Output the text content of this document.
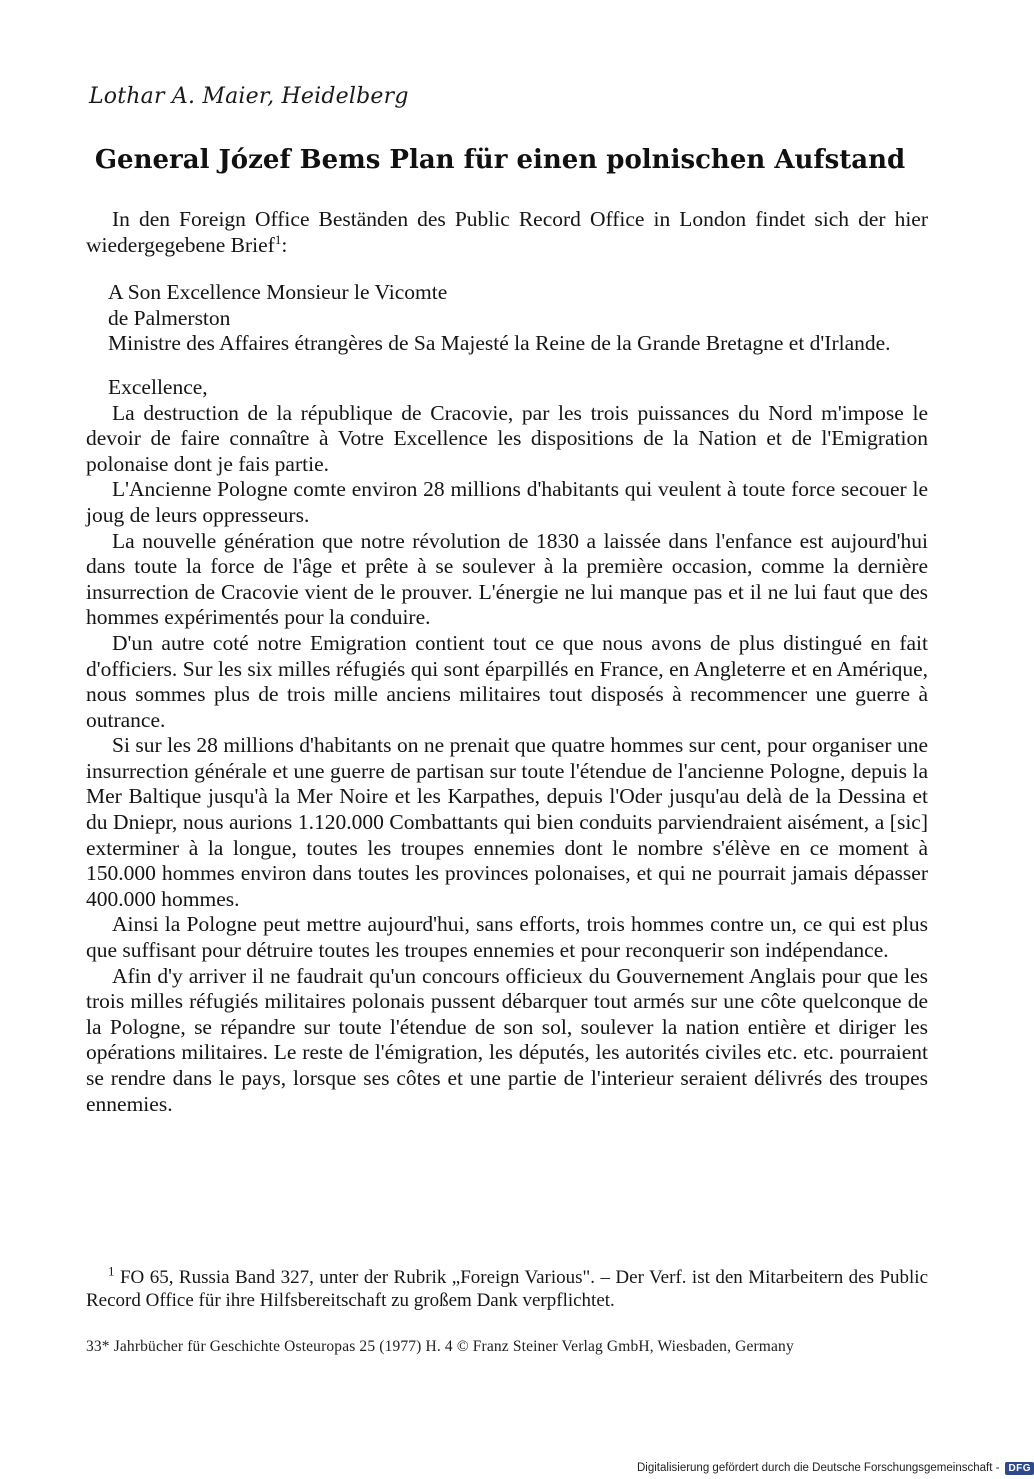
Lothar A. Maier, Heidelberg
General Józef Bems Plan für einen polnischen Aufstand

In den Foreign Office Beständen des Public Record Office in London findet sich der hier wiedergegebene Brief$^1$:

A Son Excellence Monsieur le Vicomte
de Palmerston
Ministre des Affaires étrangères de Sa Majesté la Reine de la Grande Bretagne et d'Irlande.

Excellence,

La destruction de la république de Cracovie, par les trois puissances du Nord m'impose le devoir de faire connaître à Votre Excellence les dispositions de la Nation et de l'Emigration polonaise dont je fais partie.

L'Ancienne Pologne comte environ 28 millions d'habitants qui veulent à toute force secouer le joug de leurs oppresseurs.

La nouvelle génération que notre révolution de 1830 a laissée dans l'enfance est aujourd'hui dans toute la force de l'âge et prête à se soulever à la première occasion, comme la dernière insurrection de Cracovie vient de le prouver. L'énergie ne lui manque pas et il ne lui faut que des hommes expérimentés pour la conduire.

D'un autre coté notre Emigration contient tout ce que nous avons de plus distingué en fait d'officiers. Sur les six milles réfugiés qui sont éparpillés en France, en Angleterre et en Amérique, nous sommes plus de trois mille anciens militaires tout disposés à recommencer une guerre à outrance.

Si sur les 28 millions d'habitants on ne prenait que quatre hommes sur cent, pour organiser une insurrection générale et une guerre de partisan sur toute l'étendue de l'ancienne Pologne, depuis la Mer Baltique jusqu'à la Mer Noire et les Karpathes, depuis l'Oder jusqu'au delà de la Dessina et du Dniepr, nous aurions 1.120.000 Combattants qui bien conduits parviendraient aisément, a [sic] exterminer à la longue, toutes les troupes ennemies dont le nombre s'élève en ce moment à 150.000 hommes environ dans toutes les provinces polonaises, et qui ne pourrait jamais dépasser 400.000 hommes.

Ainsi la Pologne peut mettre aujourd'hui, sans efforts, trois hommes contre un, ce qui est plus que suffisant pour détruire toutes les troupes ennemies et pour reconquerir son indépendance.

Afin d'y arriver il ne faudrait qu'un concours officieux du Gouvernement Anglais pour que les trois milles réfugiés militaires polonais pussent débarquer tout armés sur une côte quelconque de la Pologne, se répandre sur toute l'étendue de son sol, soulever la nation entière et diriger les opérations militaires. Le reste de l'émigration, les députés, les autorités civiles etc. etc. pourraient se rendre dans le pays, lorsque ses côtes et une partie de l'interieur seraient délivrés des troupes ennemies.

$^1$ FO 65, Russia Band 327, unter der Rubrik „Foreign Various". – Der Verf. ist den Mitarbeitern des Public Record Office für ihre Hilfsbereitschaft zu großem Dank verpflichtet.
33* Jahrbücher für Geschichte Osteuropas 25 (1977) H. 4 © Franz Steiner Verlag GmbH, Wiesbaden, Germany
Digitalisierung gefördert durch die Deutsche Forschungsgemeinschaft - DFG
